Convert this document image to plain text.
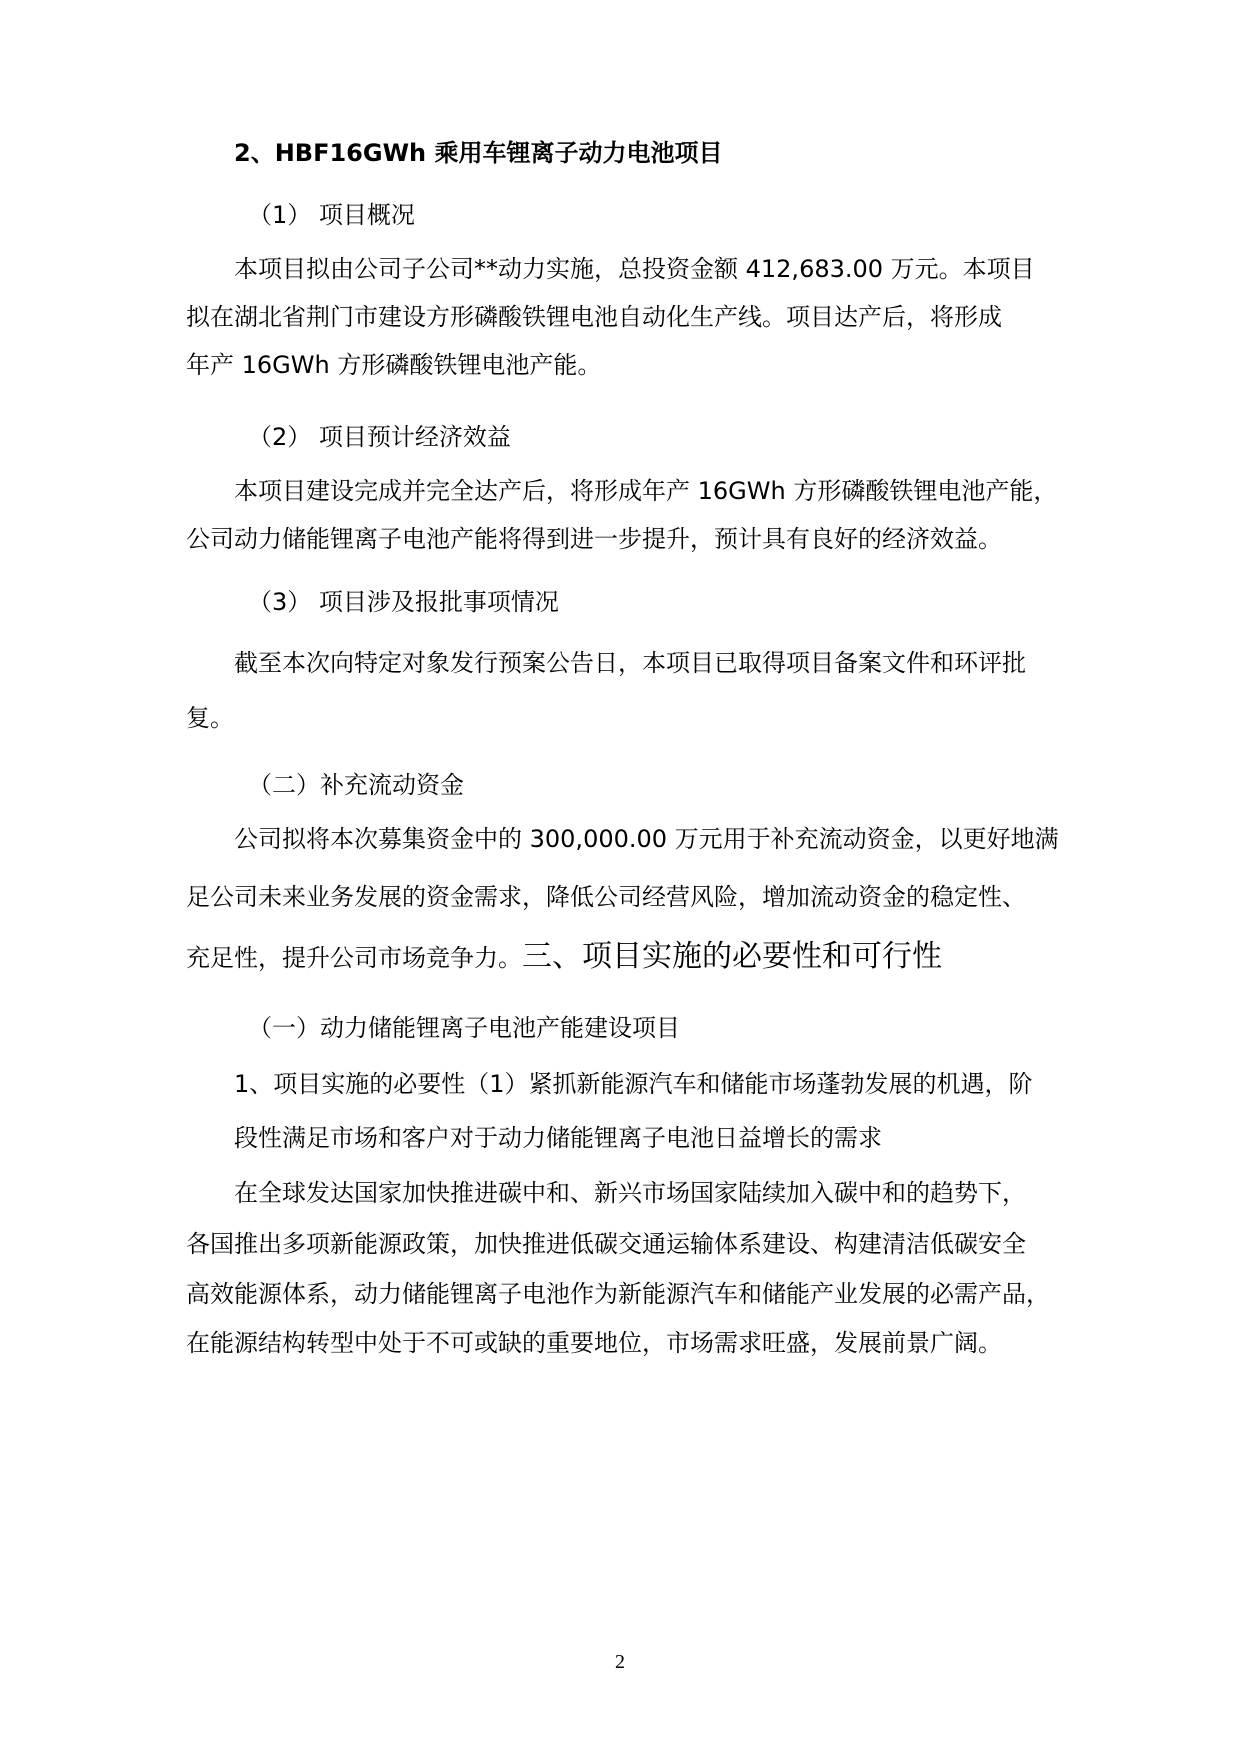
2、HBF16GWh 乘用车锂离子动力电池项目

（1） 项目概况

本项目拟由公司子公司**动力实施，总投资金额 412,683.00 万元。本项目

拟在湖北省荆门市建设方形磷酸铁锂电池自动化生产线。项目达产后，将形成

年产 16GWh 方形磷酸铁锂电池产能。

（2） 项目预计经济效益

本项目建设完成并完全达产后，将形成年产 16GWh 方形磷酸铁锂电池产能，

公司动力储能锂离子电池产能将得到进一步提升，预计具有良好的经济效益。

（3） 项目涉及报批事项情况

截至本次向特定对象发行预案公告日，本项目已取得项目备案文件和环评批

复。

（二）补充流动资金

公司拟将本次募集资金中的 300,000.00 万元用于补充流动资金，以更好地满

足公司未来业务发展的资金需求，降低公司经营风险，增加流动资金的稳定性、

充足性，提升公司市场竞争力。三、项目实施的必要性和可行性

（一）动力储能锂离子电池产能建设项目

1、项目实施的必要性（1）紧抓新能源汽车和储能市场蓬勃发展的机遇，阶

段性满足市场和客户对于动力储能锂离子电池日益增长的需求

在全球发达国家加快推进碳中和、新兴市场国家陆续加入碳中和的趋势下，

各国推出多项新能源政策，加快推进低碳交通运输体系建设、构建清洁低碳安全

高效能源体系，动力储能锂离子电池作为新能源汽车和储能产业发展的必需产品，

在能源结构转型中处于不可或缺的重要地位，市场需求旺盛，发展前景广阔。

2
